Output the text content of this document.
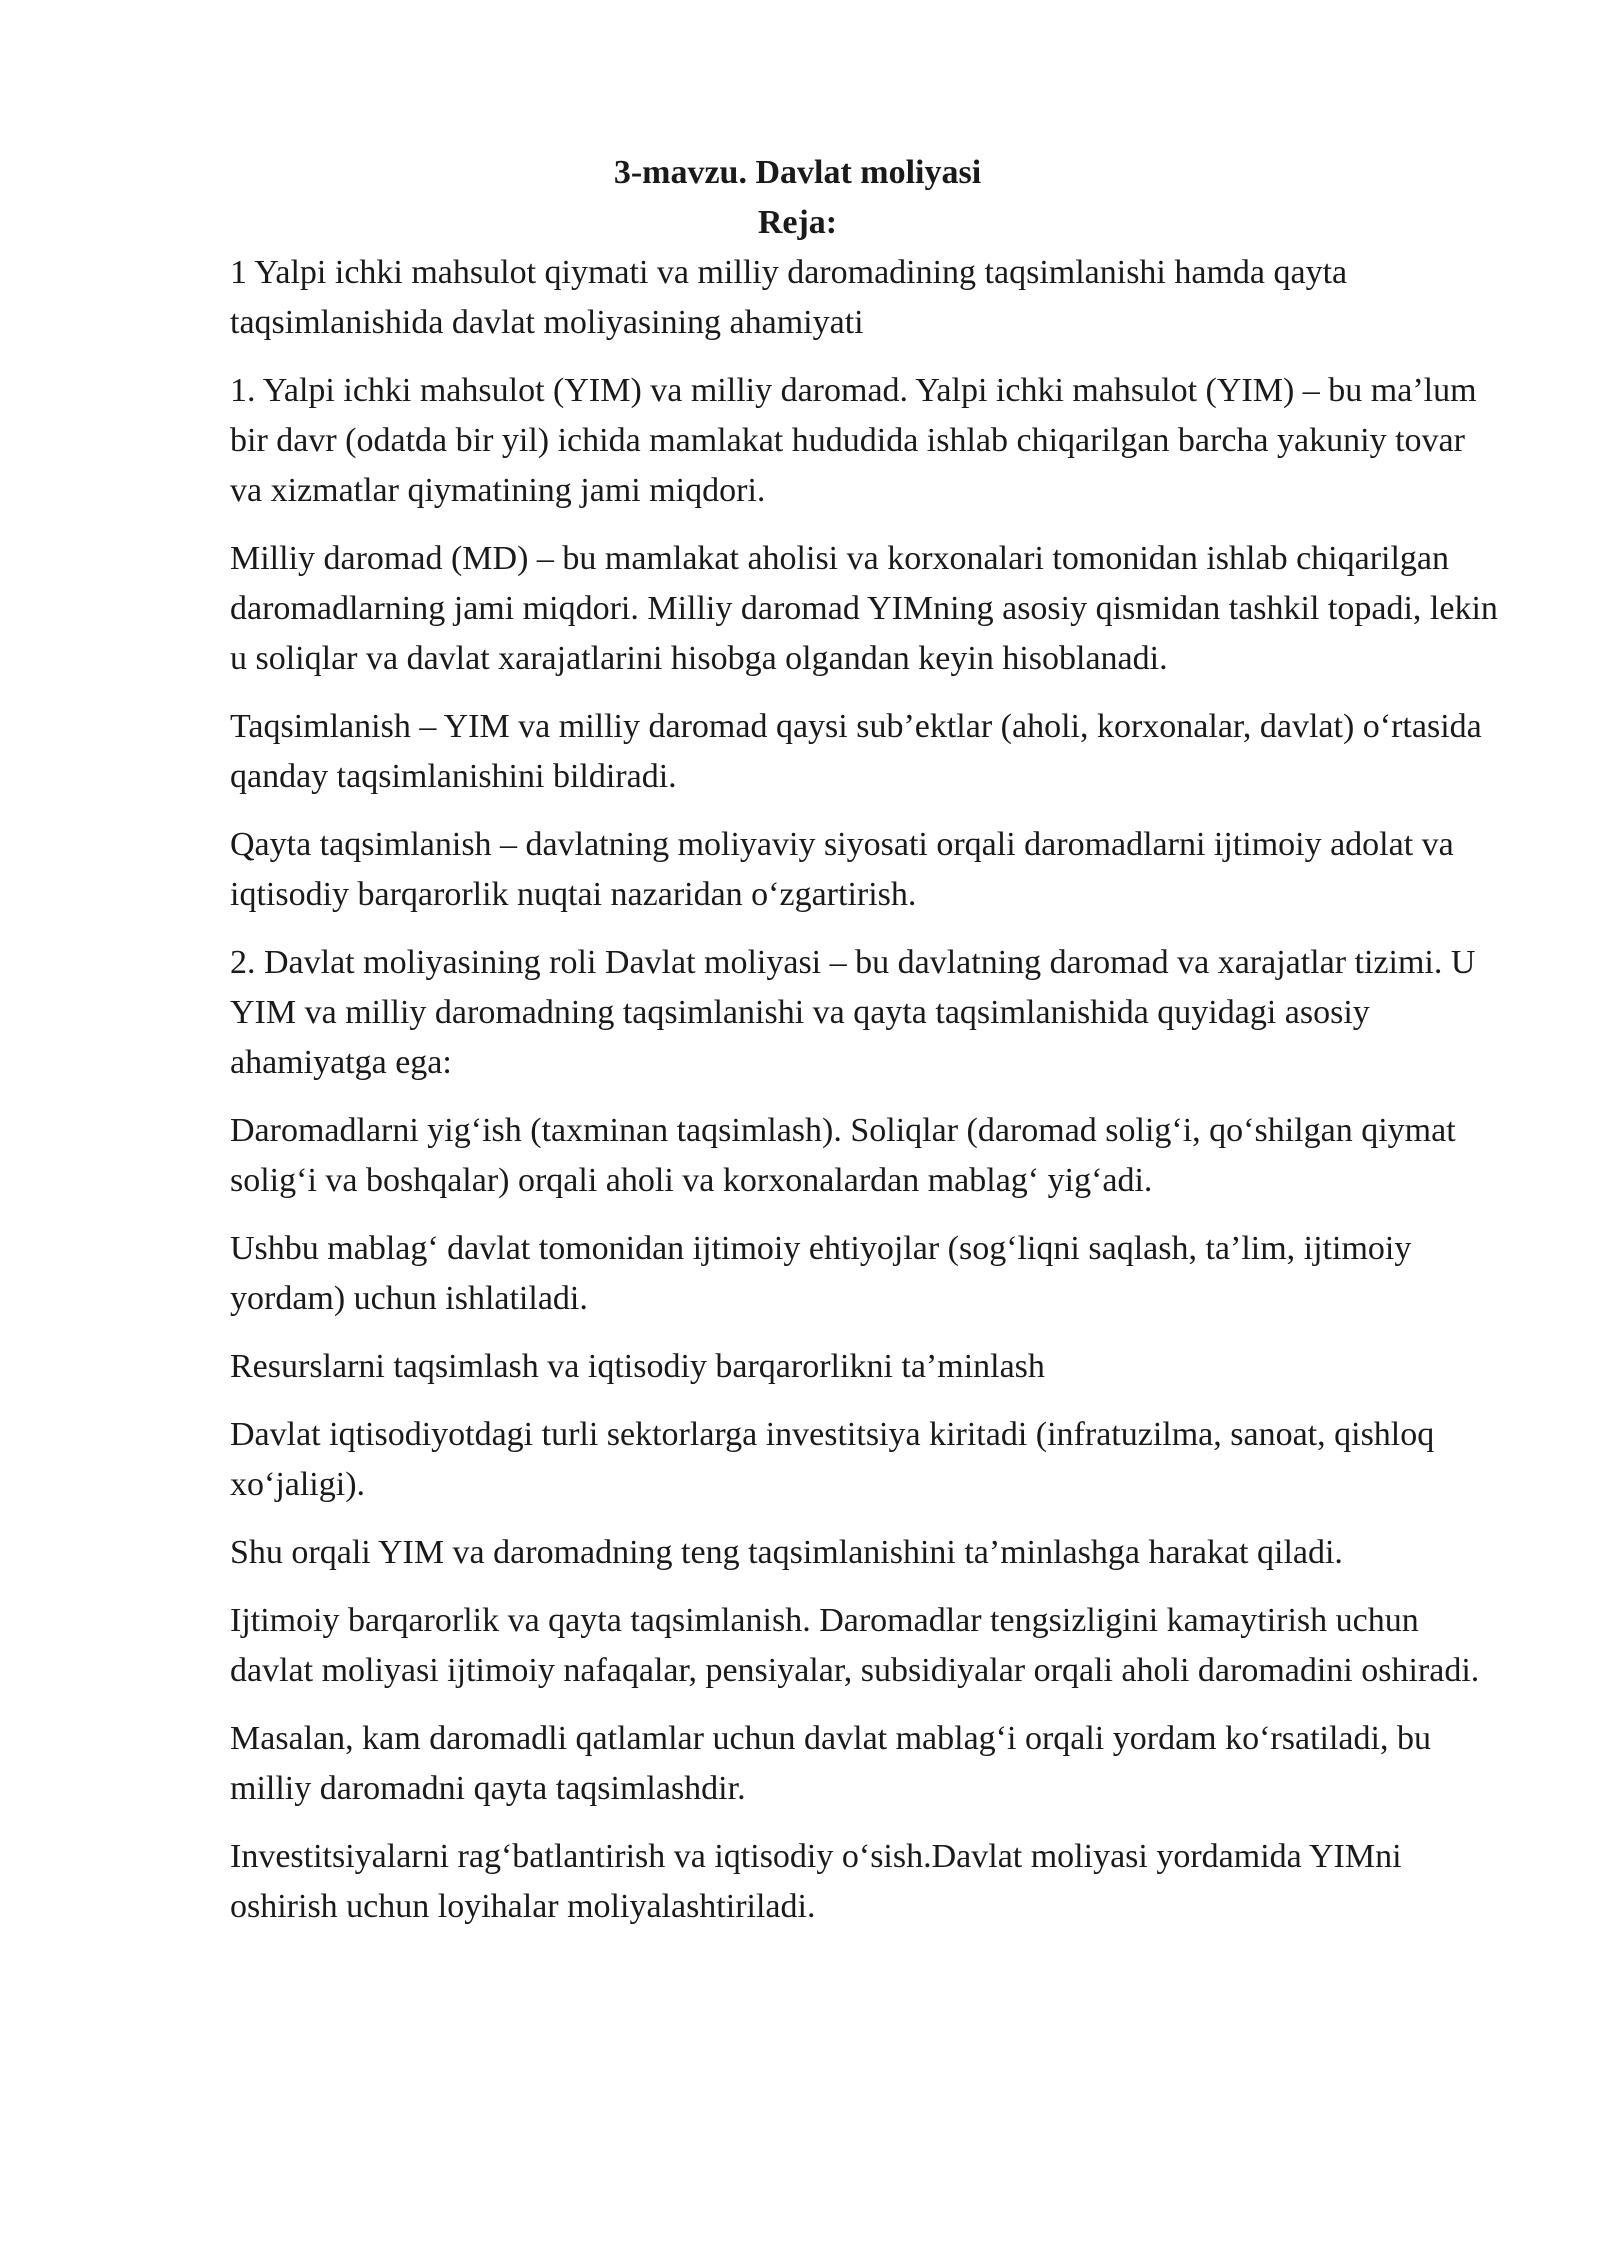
3-mavzu. Davlat moliyasi
Reja:

1 Yalpi ichki mahsulot qiymati va milliy daromadining taqsimlanishi hamda qayta taqsimlanishida davlat moliyasining ahamiyati

1. Yalpi ichki mahsulot (YIM) va milliy daromad. Yalpi ichki mahsulot (YIM) – bu ma’lum bir davr (odatda bir yil) ichida mamlakat hududida ishlab chiqarilgan barcha yakuniy tovar va xizmatlar qiymatining jami miqdori.

Milliy daromad (MD) – bu mamlakat aholisi va korxonalari tomonidan ishlab chiqarilgan daromadlarning jami miqdori. Milliy daromad YIMning asosiy qismidan tashkil topadi, lekin u soliqlar va davlat xarajatlarini hisobga olgandan keyin hisoblanadi.

Taqsimlanish – YIM va milliy daromad qaysi sub’ektlar (aholi, korxonalar, davlat) o‘rtasida qanday taqsimlanishini bildiradi.

Qayta taqsimlanish – davlatning moliyaviy siyosati orqali daromadlarni ijtimoiy adolat va iqtisodiy barqarorlik nuqtai nazaridan o‘zgartirish.

2. Davlat moliyasining roli Davlat moliyasi – bu davlatning daromad va xarajatlar tizimi. U YIM va milliy daromadning taqsimlanishi va qayta taqsimlanishida quyidagi asosiy ahamiyatga ega:

Daromadlarni yig‘ish (taxminan taqsimlash). Soliqlar (daromad solig‘i, qo‘shilgan qiymat solig‘i va boshqalar) orqali aholi va korxonalardan mablag‘ yig‘adi.

Ushbu mablag‘ davlat tomonidan ijtimoiy ehtiyojlar (sog‘liqni saqlash, ta’lim, ijtimoiy yordam) uchun ishlatiladi.

Resurslarni taqsimlash va iqtisodiy barqarorlikni ta’minlash

Davlat iqtisodiyotdagi turli sektorlarga investitsiya kiritadi (infratuzilma, sanoat, qishloq xo‘jaligi).

Shu orqali YIM va daromadning teng taqsimlanishini ta’minlashga harakat qiladi.

Ijtimoiy barqarorlik va qayta taqsimlanish. Daromadlar tengsizligini kamaytirish uchun davlat moliyasi ijtimoiy nafaqalar, pensiyalar, subsidiyalar orqali aholi daromadini oshiradi.

Masalan, kam daromadli qatlamlar uchun davlat mablag‘i orqali yordam ko‘rsatiladi, bu milliy daromadni qayta taqsimlashdir.

Investitsiyalarni rag‘batlantirish va iqtisodiy o‘sish.Davlat moliyasi yordamida YIMni oshirish uchun loyihalar moliyalashtiriladi.
